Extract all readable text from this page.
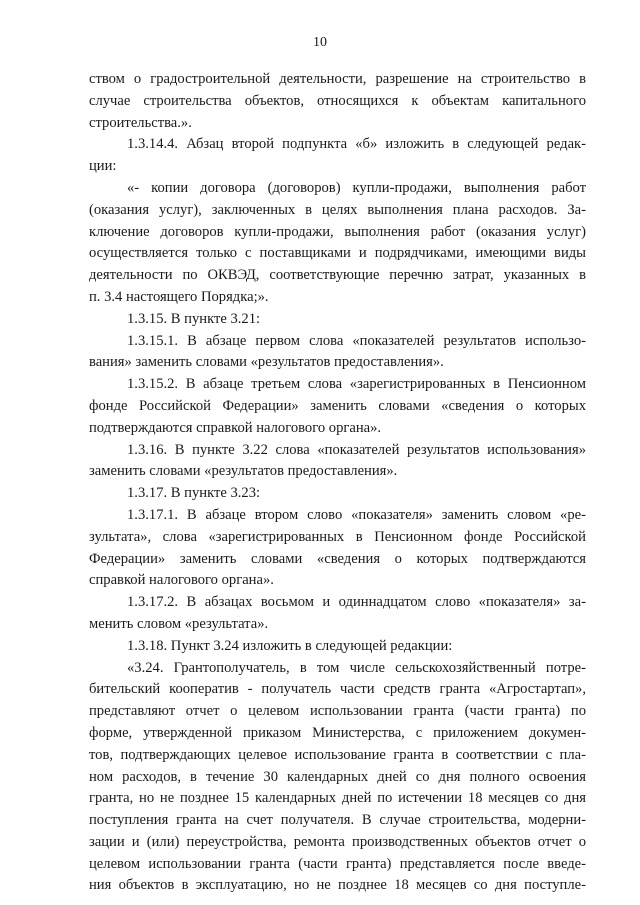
10
ством о градостроительной деятельности, разрешение на строительство в
случае строительства объектов, относящихся к объектам капитального
строительства.».
1.3.14.4. Абзац второй подпункта «б» изложить в следующей редак-
ции:
«- копии договора (договоров) купли-продажи, выполнения работ
(оказания услуг), заключенных в целях выполнения плана расходов. За-
ключение договоров купли-продажи, выполнения работ (оказания услуг)
осуществляется только с поставщиками и подрядчиками, имеющими виды
деятельности по ОКВЭД, соответствующие перечню затрат, указанных в
п. 3.4 настоящего Порядка;».
1.3.15. В пункте 3.21:
1.3.15.1. В абзаце первом слова «показателей результатов использо-
вания» заменить словами «результатов предоставления».
1.3.15.2. В абзаце третьем слова «зарегистрированных в Пенсионном
фонде Российской Федерации» заменить словами «сведения о которых
подтверждаются справкой налогового органа».
1.3.16. В пункте 3.22 слова «показателей результатов использования»
заменить словами «результатов предоставления».
1.3.17. В пункте 3.23:
1.3.17.1. В абзаце втором слово «показателя» заменить словом «ре-
зультата», слова «зарегистрированных в Пенсионном фонде Российской
Федерации» заменить словами «сведения о которых подтверждаются
справкой налогового органа».
1.3.17.2. В абзацах восьмом и одиннадцатом слово «показателя» за-
менить словом «результата».
1.3.18. Пункт 3.24 изложить в следующей редакции:
«3.24. Грантополучатель, в том числе сельскохозяйственный потре-
бительский кооператив - получатель части средств гранта «Агростартап»,
представляют отчет о целевом использовании гранта (части гранта) по
форме, утвержденной приказом Министерства, с приложением докумен-
тов, подтверждающих целевое использование гранта в соответствии с пла-
ном расходов, в течение 30 календарных дней со дня полного освоения
гранта, но не позднее 15 календарных дней по истечении 18 месяцев со дня
поступления гранта на счет получателя. В случае строительства, модерни-
зации и (или) переустройства, ремонта производственных объектов отчет о
целевом использовании гранта (части гранта) представляется после введе-
ния объектов в эксплуатацию, но не позднее 18 месяцев со дня поступле-
